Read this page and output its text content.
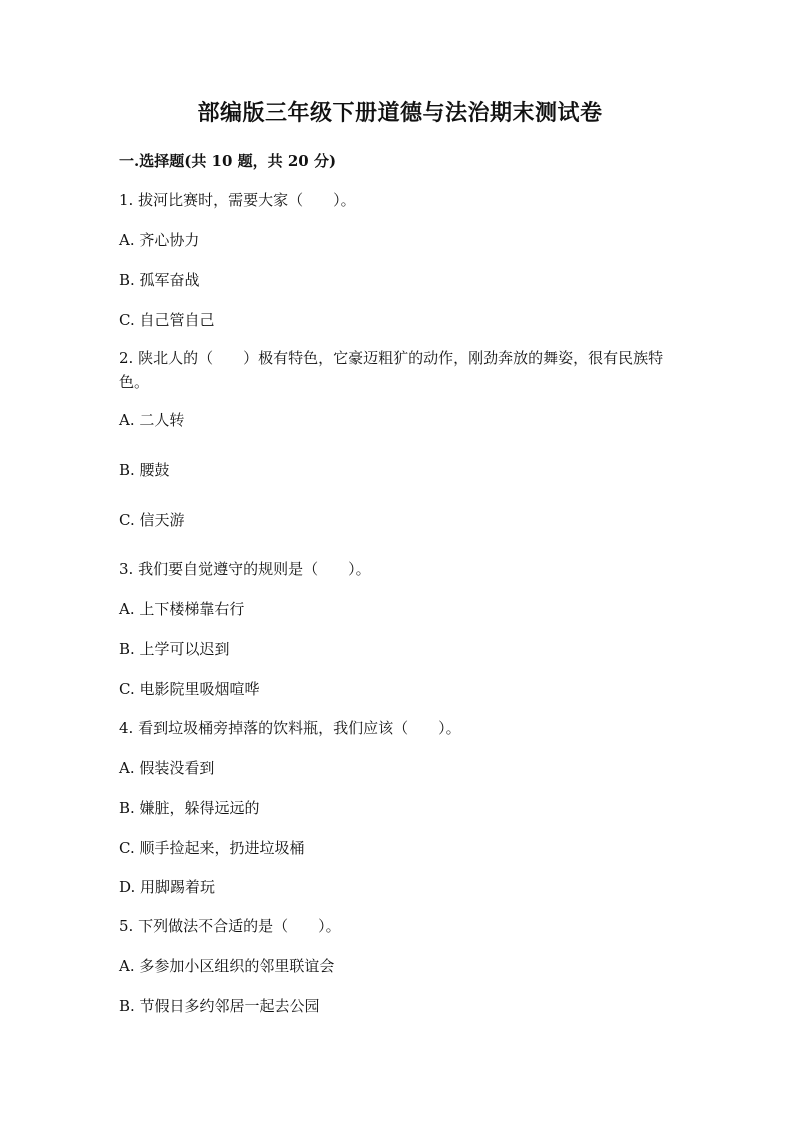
部编版三年级下册道德与法治期末测试卷
一.选择题(共 10 题，共 20 分)
1. 拔河比赛时，需要大家（　　）。
A. 齐心协力
B. 孤军奋战
C. 自己管自己
2. 陕北人的（　　）极有特色，它豪迈粗犷的动作，刚劲奔放的舞姿，很有民族特色。
A. 二人转
B. 腰鼓
C. 信天游
3. 我们要自觉遵守的规则是（　　）。
A. 上下楼梯靠右行
B. 上学可以迟到
C. 电影院里吸烟喧哗
4. 看到垃圾桶旁掉落的饮料瓶，我们应该（　　）。
A. 假装没看到
B. 嫌脏，躲得远远的
C. 顺手捡起来，扔进垃圾桶
D. 用脚踢着玩
5. 下列做法不合适的是（　　）。
A. 多参加小区组织的邻里联谊会
B. 节假日多约邻居一起去公园
